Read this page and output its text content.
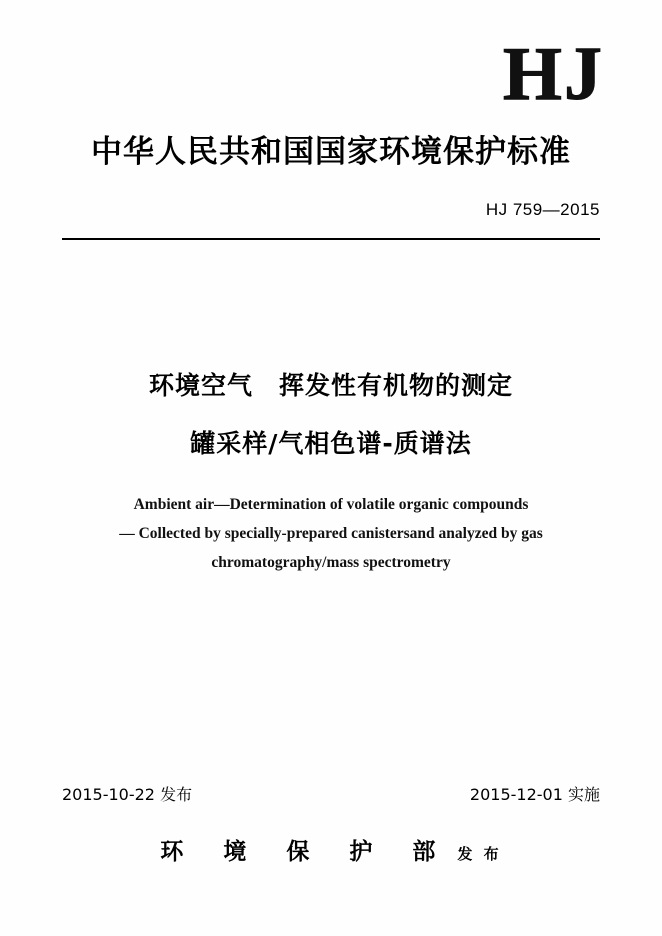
HJ
中华人民共和国国家环境保护标准
HJ 759—2015
环境空气　挥发性有机物的测定
罐采样/气相色谱-质谱法
Ambient air—Determination of volatile organic compounds
— Collected by specially-prepared canistersand analyzed by gas
chromatography/mass spectrometry
2015-10-22 发布	2015-12-01 实施
环 境 保 护 部 发 布
